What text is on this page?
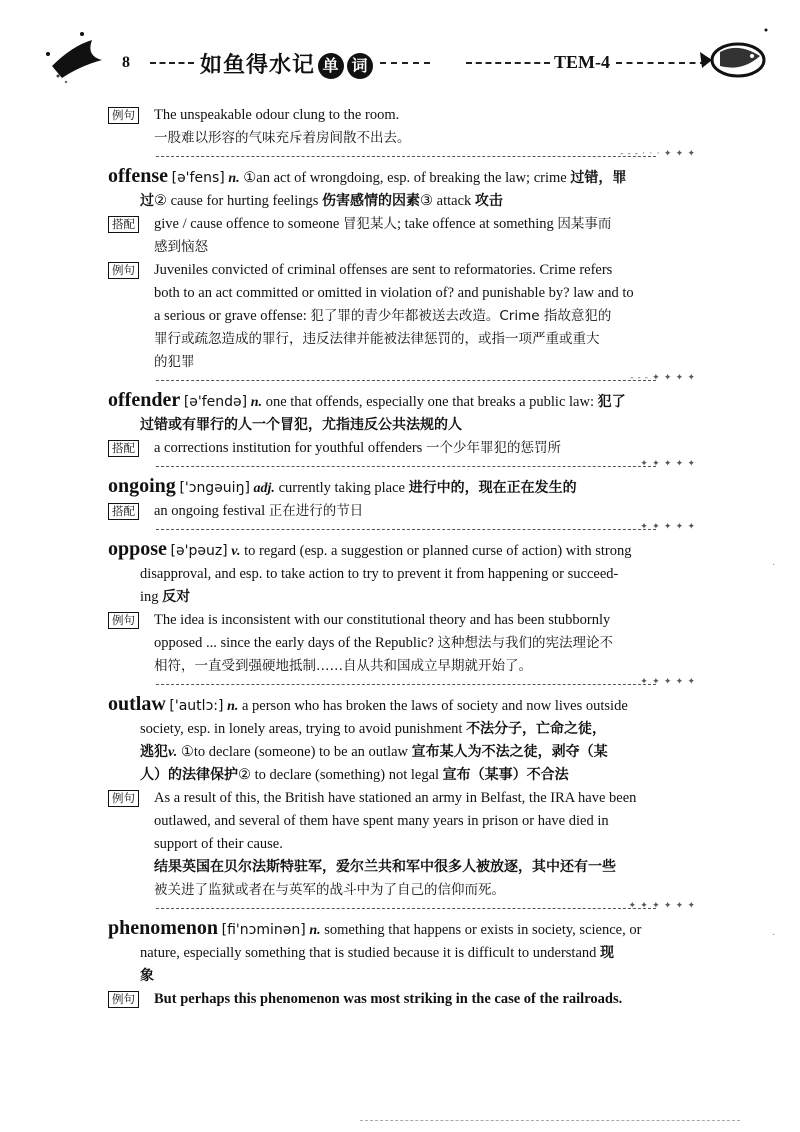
8	如鱼得水记 单 词	TEM-4
例句 The unspeakable odour clung to the room.
一股难以形容的气味充斥着房间散不出去。
- - - · · · ✦ ✦ ✦
offense [ə'fens] n. ①an act of wrongdoing, esp. of breaking the law; crime 过错，罪
过② cause for hurting feelings 伤害感情的因素③ attack 攻击
搭配 give / cause offence to someone 冒犯某人; take offence at something 因某事而
感到恼怒
例句 Juveniles convicted of criminal offenses are sent to reformatories. Crime refers
both to an act committed or omitted in violation of? and punishable by? law and to
a serious or grave offense: 犯了罪的青少年都被送去改造。Crime 指故意犯的
罪行或疏忽造成的罪行，违反法律并能被法律惩罚的，或指一项严重或重大
的犯罪
- - - ✦ ✦ ✦ ✦
offender [ə'fendə] n. one that offends, especially one that breaks a public law: 犯了
过错或有罪行的人一个冒犯，尤指违反公共法规的人
搭配 a corrections institution for youthful offenders 一个少年罪犯的惩罚所
✦ ✦ ✦ ✦ ✦
ongoing ['ɔngəuiŋ] adj. currently taking place 进行中的，现在正在发生的
搭配 an ongoing festival 正在进行的节日
✦ ✦ ✦ ✦ ✦
oppose [ə'pəuz] v. to regard (esp. a suggestion or planned curse of action) with strong
disapproval, and esp. to take action to try to prevent it from happening or succeed-
ing 反对
例句 The idea is inconsistent with our constitutional theory and has been stubbornly
opposed ... since the early days of the Republic? 这种想法与我们的宪法理论不
相符，一直受到强硬地抵制……自从共和国成立早期就开始了。
✦ ✦ ✦ ✦ ✦
outlaw ['autlɔ:] n. a person who has broken the laws of society and now lives outside
society, esp. in lonely areas, trying to avoid punishment 不法分子，亡命之徒，
逃犯v. ①to declare (someone) to be an outlaw 宣布某人为不法之徒，剥夺（某
人）的法律保护② to declare (something) not legal 宣布（某事）不合法
例句 As a result of this, the British have stationed an army in Belfast, the IRA have been
outlawed, and several of them have spent many years in prison or have died in
support of their cause.
结果英国在贝尔法斯特驻军，爱尔兰共和军中很多人被放逐，其中还有一些
被关进了监狱或者在与英军的战斗中为了自己的信仰而死。
✦ ✦ ✦ ✦ ✦ ✦
phenomenon [fi'nɔminən] n. something that happens or exists in society, science, or
nature, especially something that is studied because it is difficult to understand 现
象
例句 But perhaps this phenomenon was most striking in the case of the railroads.
·
·
